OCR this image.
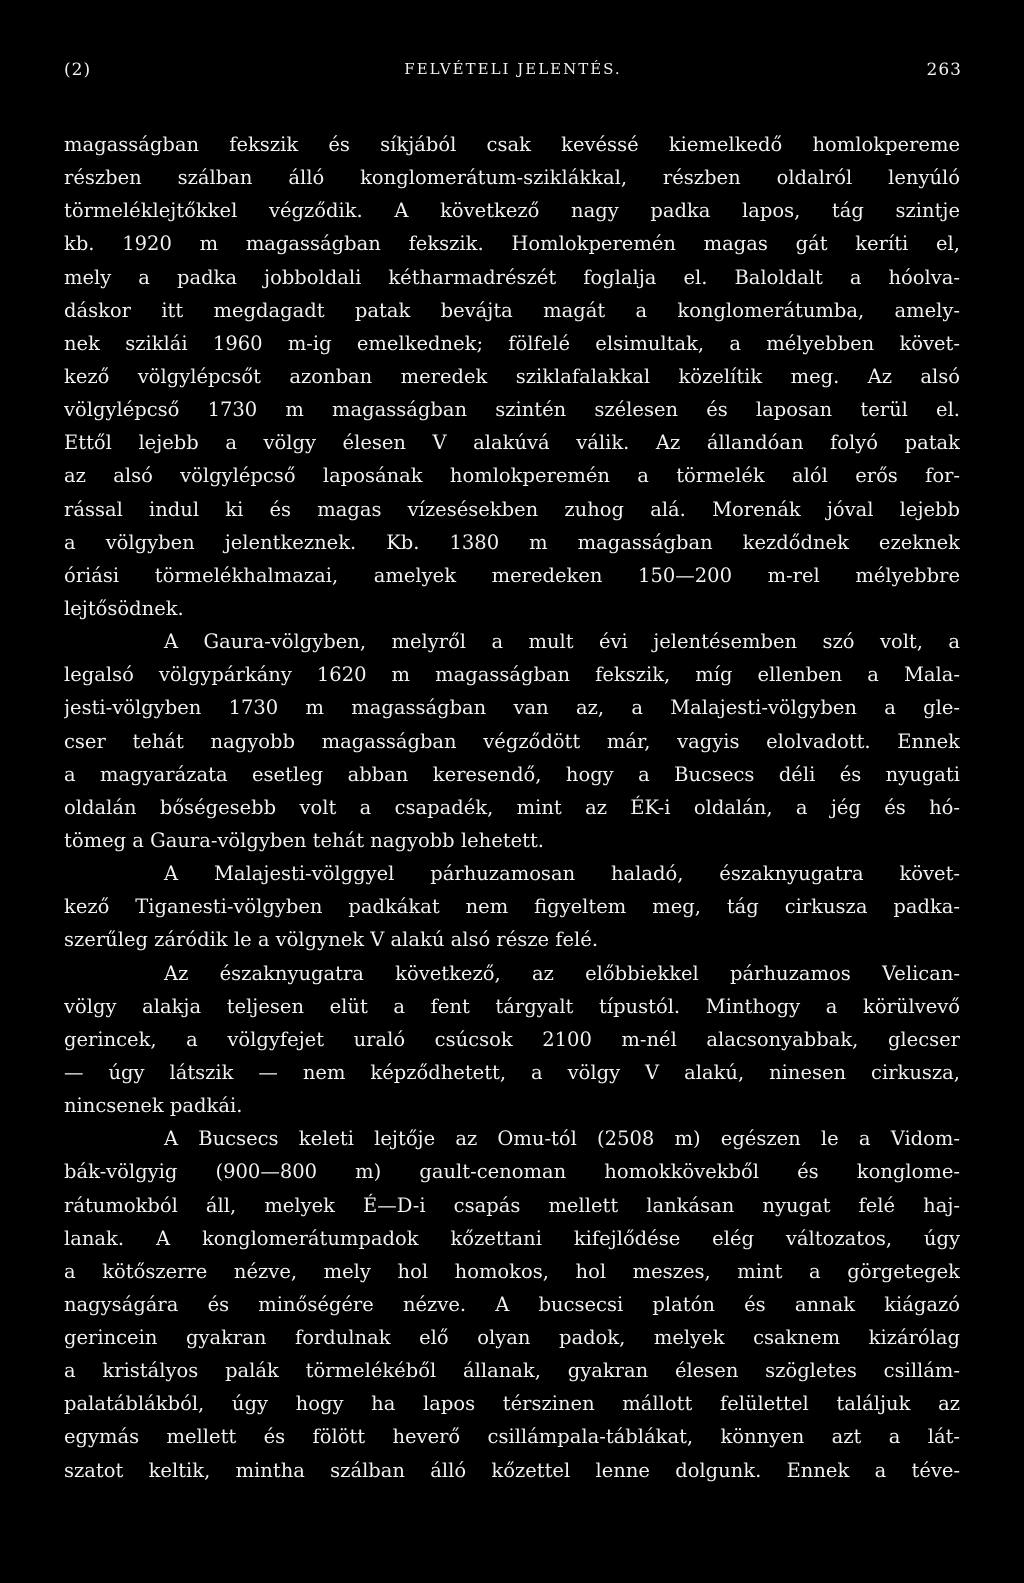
(2)	FELVÉTELI JELENTÉS.	263
magasságban fekszik és síkjából csak kevéssé kiemelkedő homlokpereme
részben szálban álló konglomerátum-sziklákkal, részben oldalról lenyúló
törmeléklejtőkkel végződik. A következő nagy padka lapos, tág szintje
kb. 1920 m magasságban fekszik. Homlokperemén magas gát keríti el,
mely a padka jobboldali kétharmadrészét foglalja el. Baloldalt a hóolva-
dáskor itt megdagadt patak bevájta magát a konglomerátumba, amely-
nek sziklái 1960 m-ig emelkednek; fölfelé elsimultak, a mélyebben követ-
kező völgylépcsőt azonban meredek sziklafalakkal közelítik meg. Az alsó
völgylépcső 1730 m magasságban szintén szélesen és laposan terül el.
Ettől lejebb a völgy élesen V alakúvá válik. Az állandóan folyó patak
az alsó völgylépcső laposának homlokperemén a törmelék alól erős for-
rással indul ki és magas vízesésekben zuhog alá. Morenák jóval lejebb
a völgyben jelentkeznek. Kb. 1380 m magasságban kezdődnek ezeknek
óriási törmelékhalmazai, amelyek meredeken 150—200 m-rel mélyebbre
lejtősödnek.
A Gaura-völgyben, melyről a mult évi jelentésemben szó volt, a
legalsó völgypárkány 1620 m magasságban fekszik, míg ellenben a Mala-
jesti-völgyben 1730 m magasságban van az, a Malajesti-völgyben a gle-
cser tehát nagyobb magasságban végződött már, vagyis elolvadott. Ennek
a magyarázata esetleg abban keresendő, hogy a Bucsecs déli és nyugati
oldalán bőségesebb volt a csapadék, mint az ÉK-i oldalán, a jég és hó-
tömeg a Gaura-völgyben tehát nagyobb lehetett.
A Malajesti-völggyel párhuzamosan haladó, északnyugatra követ-
kező Tiganesti-völgyben padkákat nem figyeltem meg, tág cirkusza padka-
szerűleg záródik le a völgynek V alakú alsó része felé.
Az északnyugatra következő, az előbbiekkel párhuzamos Velican-
völgy alakja teljesen elüt a fent tárgyalt típustól. Minthogy a körülvevő
gerincek, a völgyfejet uraló csúcsok 2100 m-nél alacsonyabbak, glecser
— úgy látszik — nem képződhetett, a völgy V alakú, ninesen cirkusza,
nincsenek padkái.
A Bucsecs keleti lejtője az Omu-tól (2508 m) egészen le a Vidom-
bák-völgyig (900—800 m) gault-cenoman homokkövekből és konglome-
rátumokból áll, melyek É—D-i csapás mellett lankásan nyugat felé haj-
lanak. A konglomerátumpadok kőzettani kifejlődése elég változatos, úgy
a kötőszerre nézve, mely hol homokos, hol meszes, mint a görgetegek
nagyságára és minőségére nézve. A bucsecsi platón és annak kiágazó
gerincein gyakran fordulnak elő olyan padok, melyek csaknem kizárólag
a kristályos palák törmelékéből állanak, gyakran élesen szögletes csillám-
palatáblákból, úgy hogy ha lapos térszinen mállott felülettel találjuk az
egymás mellett és fölött heverő csillámpala-táblákat, könnyen azt a lát-
szatot keltik, mintha szálban álló kőzettel lenne dolgunk. Ennek a téve-
